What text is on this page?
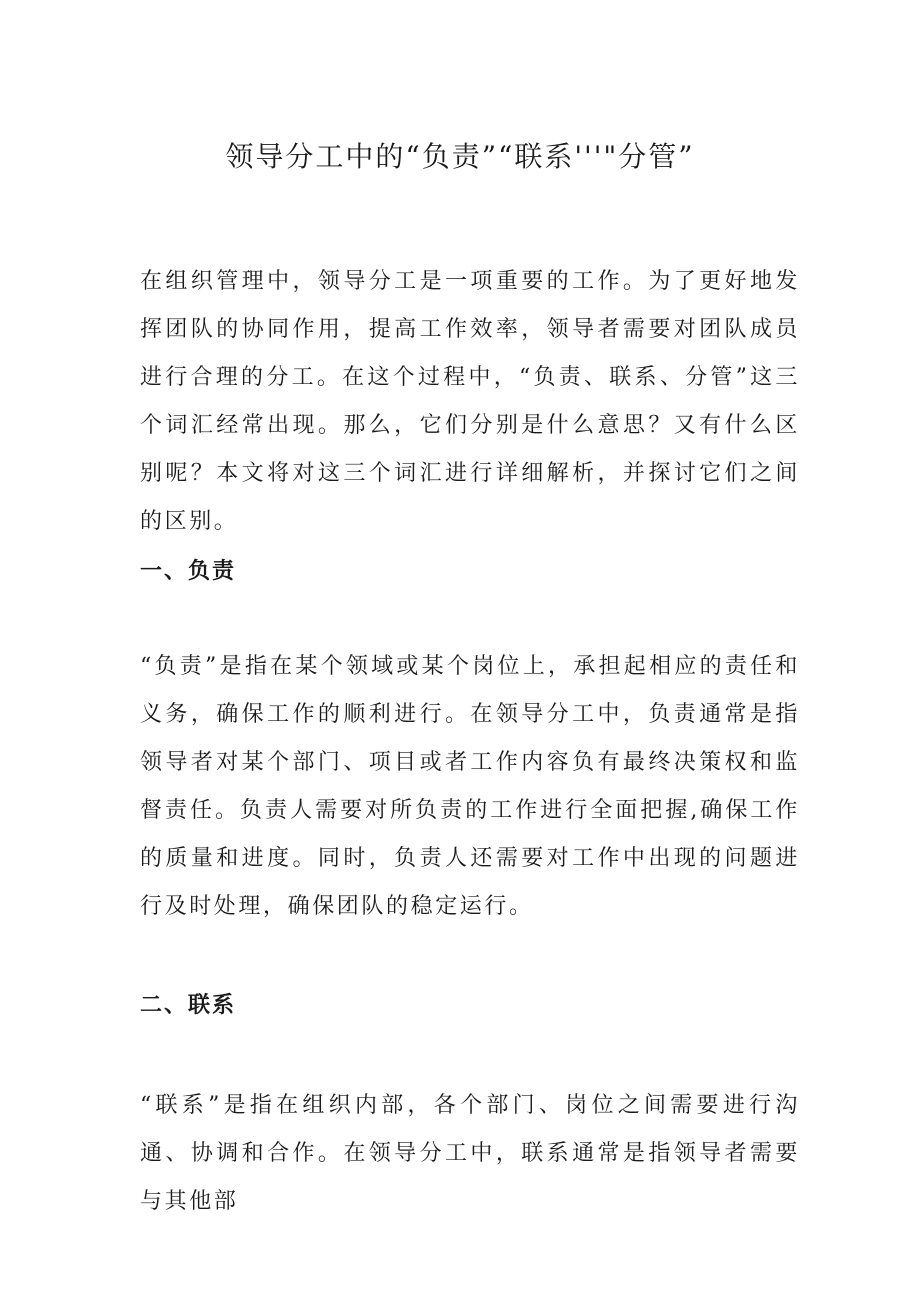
领导分工中的“负责”“联系'''"分管”

在组织管理中，领导分工是一项重要的工作。为了更好地发挥团队的协同作用，提高工作效率，领导者需要对团队成员进行合理的分工。在这个过程中，“负责、联系、分管”这三个词汇经常出现。那么，它们分别是什么意思？又有什么区别呢？本文将对这三个词汇进行详细解析，并探讨它们之间的区别。

一、负责

“负责”是指在某个领域或某个岗位上，承担起相应的责任和义务，确保工作的顺利进行。在领导分工中，负责通常是指领导者对某个部门、项目或者工作内容负有最终决策权和监督责任。负责人需要对所负责的工作进行全面把握,确保工作的质量和进度。同时，负责人还需要对工作中出现的问题进行及时处理，确保团队的稳定运行。

二、联系

“联系”是指在组织内部，各个部门、岗位之间需要进行沟通、协调和合作。在领导分工中，联系通常是指领导者需要与其他部
